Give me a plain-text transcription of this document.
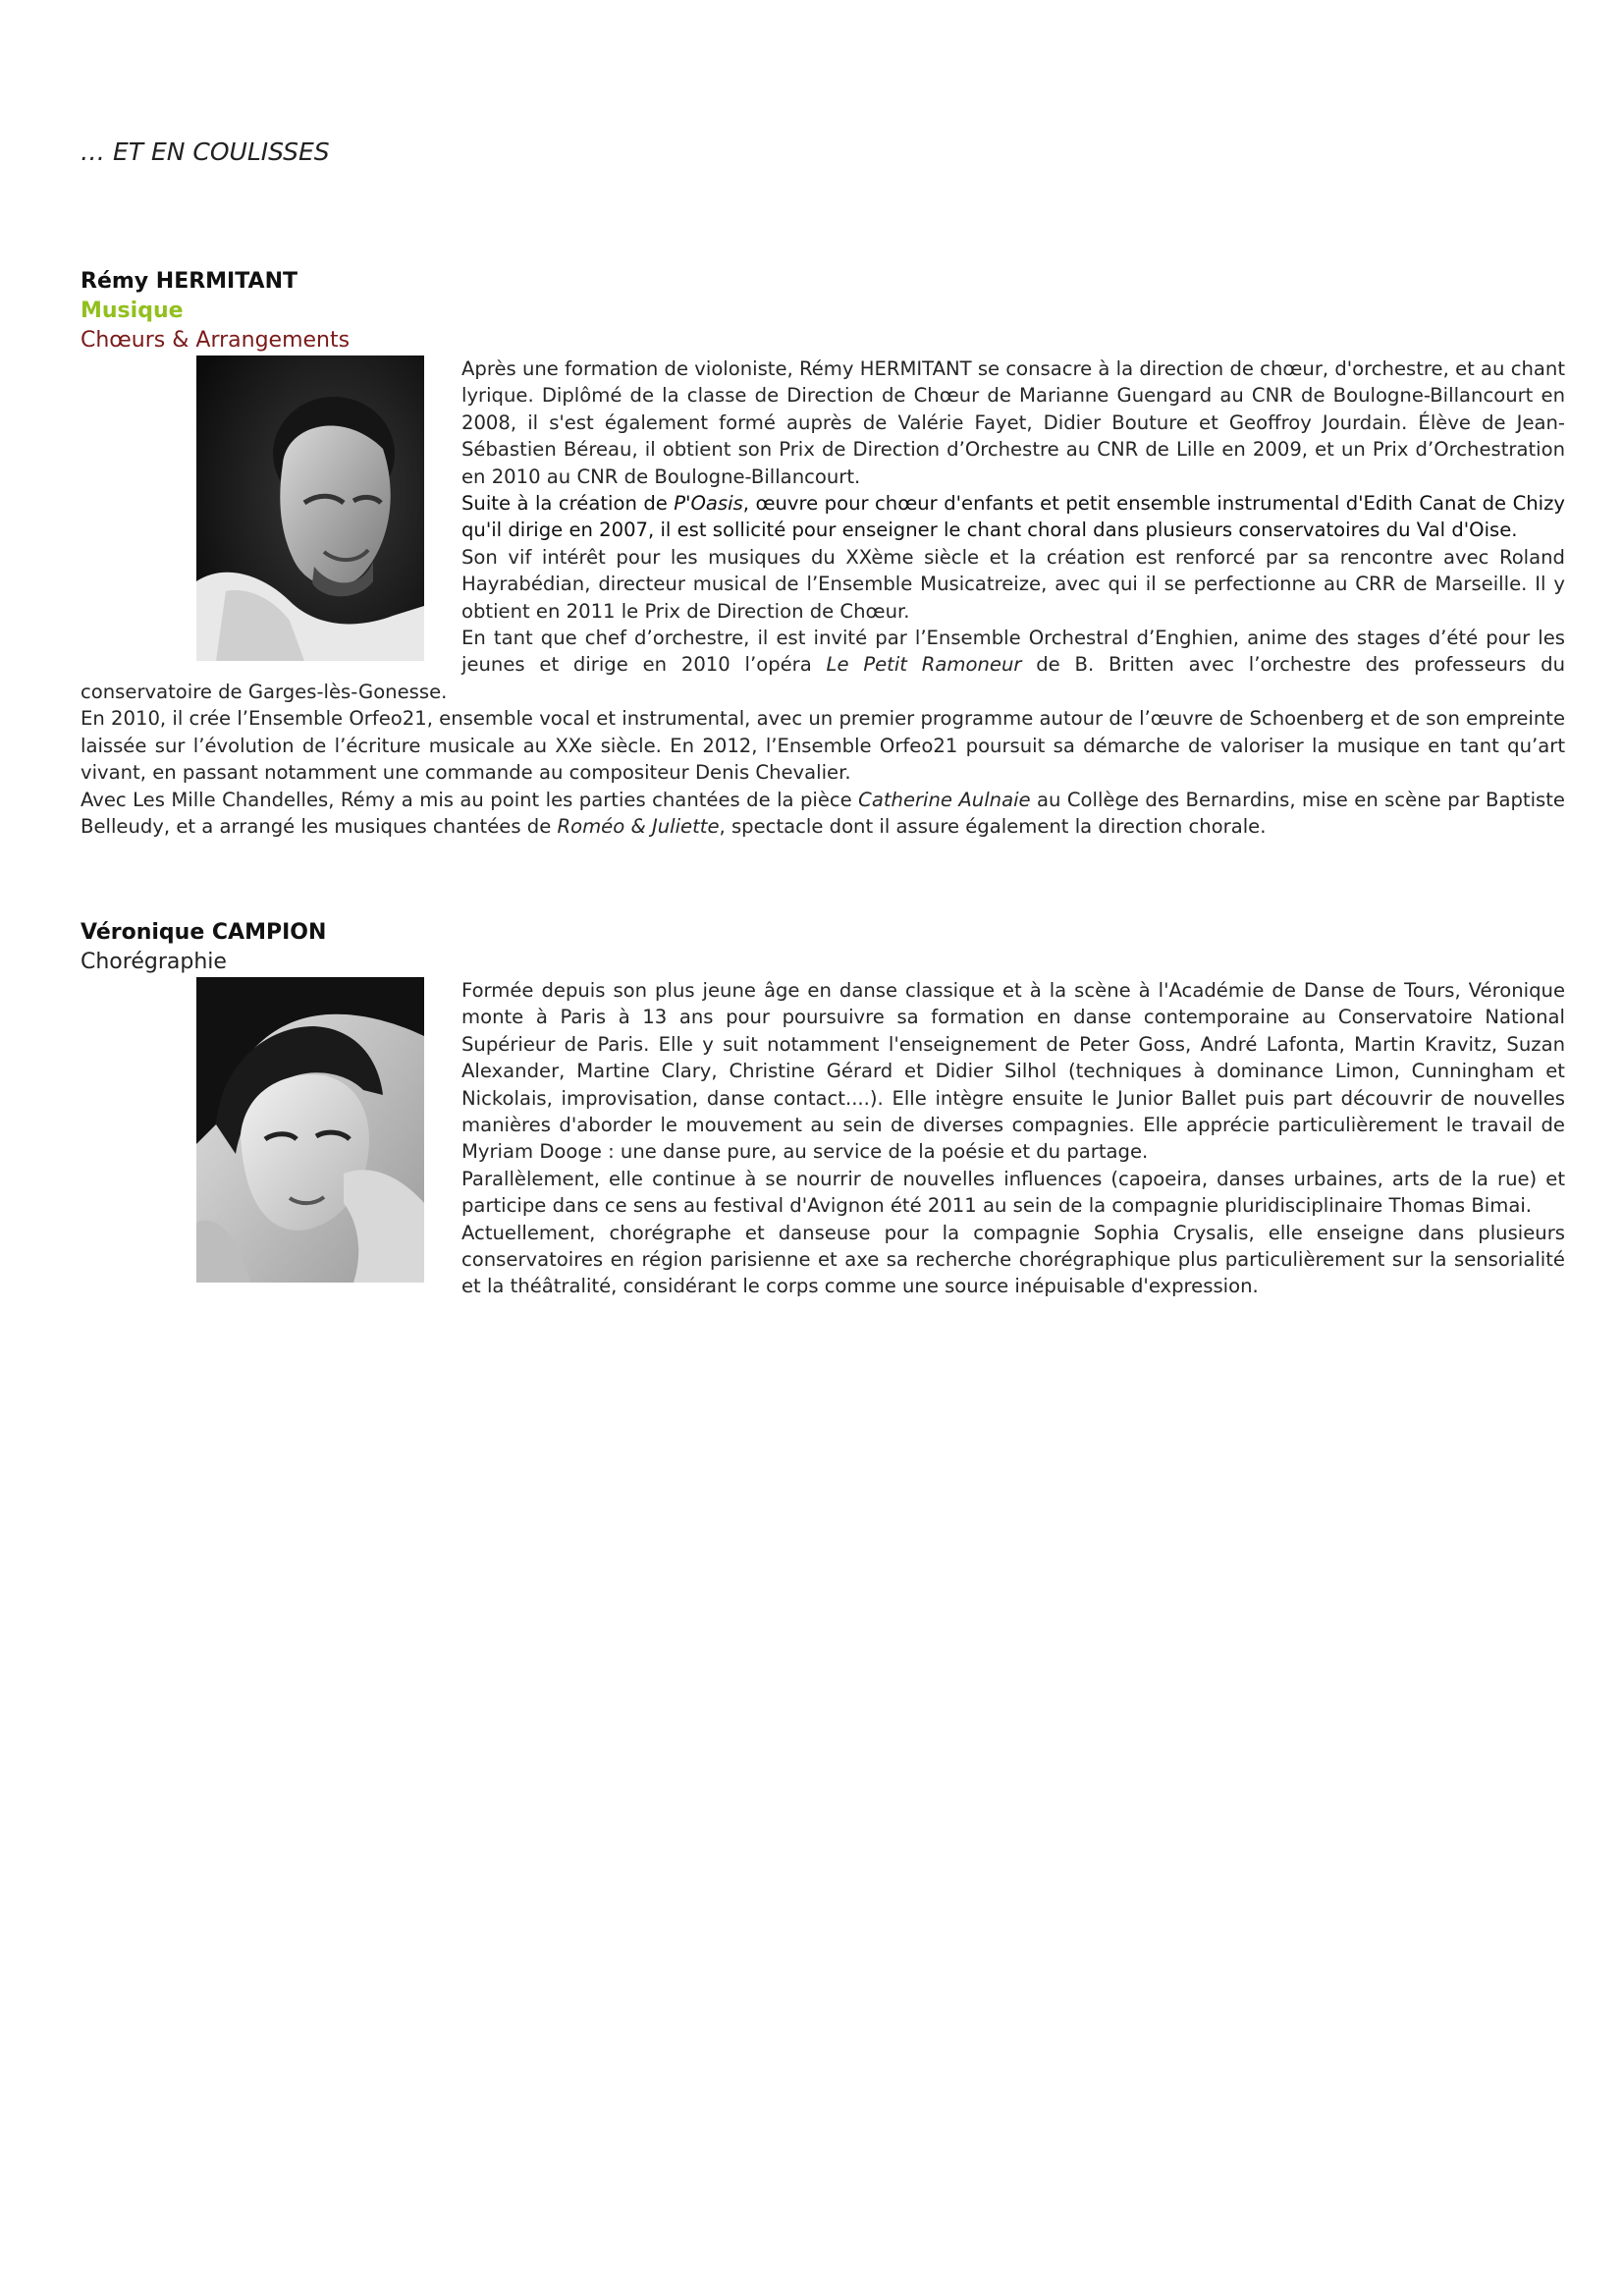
… ET EN COULISSES
Rémy HERMITANT
Musique
Chœurs & Arrangements

Après une formation de violoniste, Rémy HERMITANT se consacre à la direction de chœur, d'orchestre, et au chant lyrique. Diplômé de la classe de Direction de Chœur de Marianne Guengard au CNR de Boulogne-Billancourt en 2008, il s'est également formé auprès de Valérie Fayet, Didier Bouture et Geoffroy Jourdain. Élève de Jean-Sébastien Béreau, il obtient son Prix de Direction d’Orchestre au CNR de Lille en 2009, et un Prix d’Orchestration en 2010 au CNR de Boulogne-Billancourt.

Suite à la création de P'Oasis, œuvre pour chœur d'enfants et petit ensemble instrumental d'Edith Canat de Chizy qu'il dirige en 2007, il est sollicité pour enseigner le chant choral dans plusieurs conservatoires du Val d'Oise.

Son vif intérêt pour les musiques du XXème siècle et la création est renforcé par sa rencontre avec Roland Hayrabédian, directeur musical de l’Ensemble Musicatreize, avec qui il se perfectionne au CRR de Marseille. Il y obtient en 2011 le Prix de Direction de Chœur.

En tant que chef d’orchestre, il est invité par l’Ensemble Orchestral d’Enghien, anime des stages d’été pour les jeunes et dirige en 2010 l’opéra Le Petit Ramoneur de B. Britten avec l’orchestre des professeurs du conservatoire de Garges-lès-Gonesse.

En 2010, il crée l’Ensemble Orfeo21, ensemble vocal et instrumental, avec un premier programme autour de l’œuvre de Schoenberg et de son empreinte laissée sur l’évolution de l’écriture musicale au XXe siècle. En 2012, l’Ensemble Orfeo21 poursuit sa démarche de valoriser la musique en tant qu’art vivant, en passant notamment une commande au compositeur Denis Chevalier.

Avec Les Mille Chandelles, Rémy a mis au point les parties chantées de la pièce Catherine Aulnaie au Collège des Bernardins, mise en scène par Baptiste Belleudy, et a arrangé les musiques chantées de Roméo & Juliette, spectacle dont il assure également la direction chorale.

Véronique CAMPION
Chorégraphie

Formée depuis son plus jeune âge en danse classique et à la scène à l'Académie de Danse de Tours, Véronique monte à Paris à 13 ans pour poursuivre sa formation en danse contemporaine au Conservatoire National Supérieur de Paris. Elle y suit notamment l'enseignement de Peter Goss, André Lafonta, Martin Kravitz, Suzan Alexander, Martine Clary, Christine Gérard et Didier Silhol (techniques à dominance Limon, Cunningham et Nickolais, improvisation, danse contact....). Elle intègre ensuite le Junior Ballet puis part découvrir de nouvelles manières d'aborder le mouvement au sein de diverses compagnies. Elle apprécie particulièrement le travail de Myriam Dooge : une danse pure, au service de la poésie et du partage.

Parallèlement, elle continue à se nourrir de nouvelles influences (capoeira, danses urbaines, arts de la rue) et participe dans ce sens au festival d'Avignon été 2011 au sein de la compagnie pluridisciplinaire Thomas Bimai.

Actuellement, chorégraphe et danseuse pour la compagnie Sophia Crysalis, elle enseigne dans plusieurs conservatoires en région parisienne et axe sa recherche chorégraphique plus particulièrement sur la sensorialité et la théâtralité, considérant le corps comme une source inépuisable d'expression.
